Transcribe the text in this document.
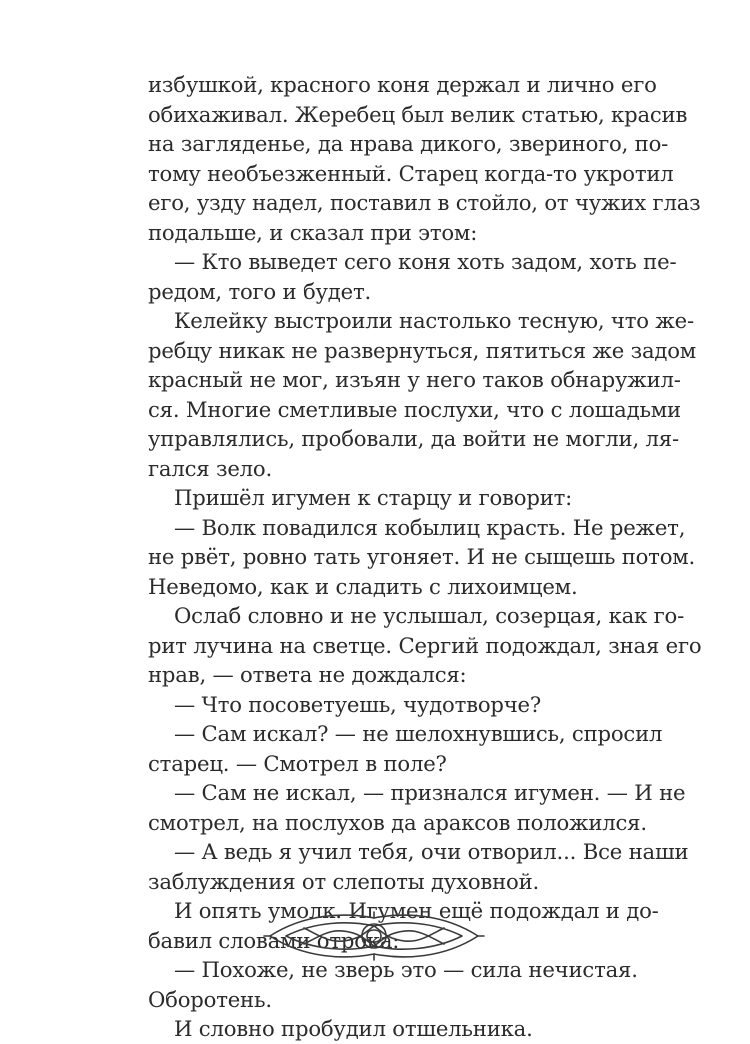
избушкой, красного коня держал и лично его
обихаживал. Жеребец был велик статью, красив
на загляденье, да нрава дикого, звериного, по-
тому необъезженный. Старец когда-то укротил
его, узду надел, поставил в стойло, от чужих глаз
подальше, и сказал при этом:
— Кто выведет сего коня хоть задом, хоть пе-
редом, того и будет.
Келейку выстроили настолько тесную, что же-
ребцу никак не развернуться, пятиться же задом
красный не мог, изъян у него таков обнаружил-
ся. Многие сметливые послухи, что с лошадьми
управлялись, пробовали, да войти не могли, ля-
гался зело.
Пришёл игумен к старцу и говорит:
— Волк повадился кобылиц красть. Не режет,
не рвёт, ровно тать угоняет. И не сыщешь потом.
Неведомо, как и сладить с лихоимцем.
Ослаб словно и не услышал, созерцая, как го-
рит лучина на светце. Сергий подождал, зная его
нрав, — ответа не дождался:
— Что посоветуешь, чудотворче?
— Сам искал? — не шелохнувшись, спросил
старец. — Смотрел в поле?
— Сам не искал, — признался игумен. — И не
смотрел, на послухов да араксов положился.
— А ведь я учил тебя, очи отворил... Все наши
заблуждения от слепоты духовной.
И опять умолк. Игумен ещё подождал и до-
бавил словами отрока:
— Похоже, не зверь это — сила нечистая.
Оборотень.
И словно пробудил отшельника.
